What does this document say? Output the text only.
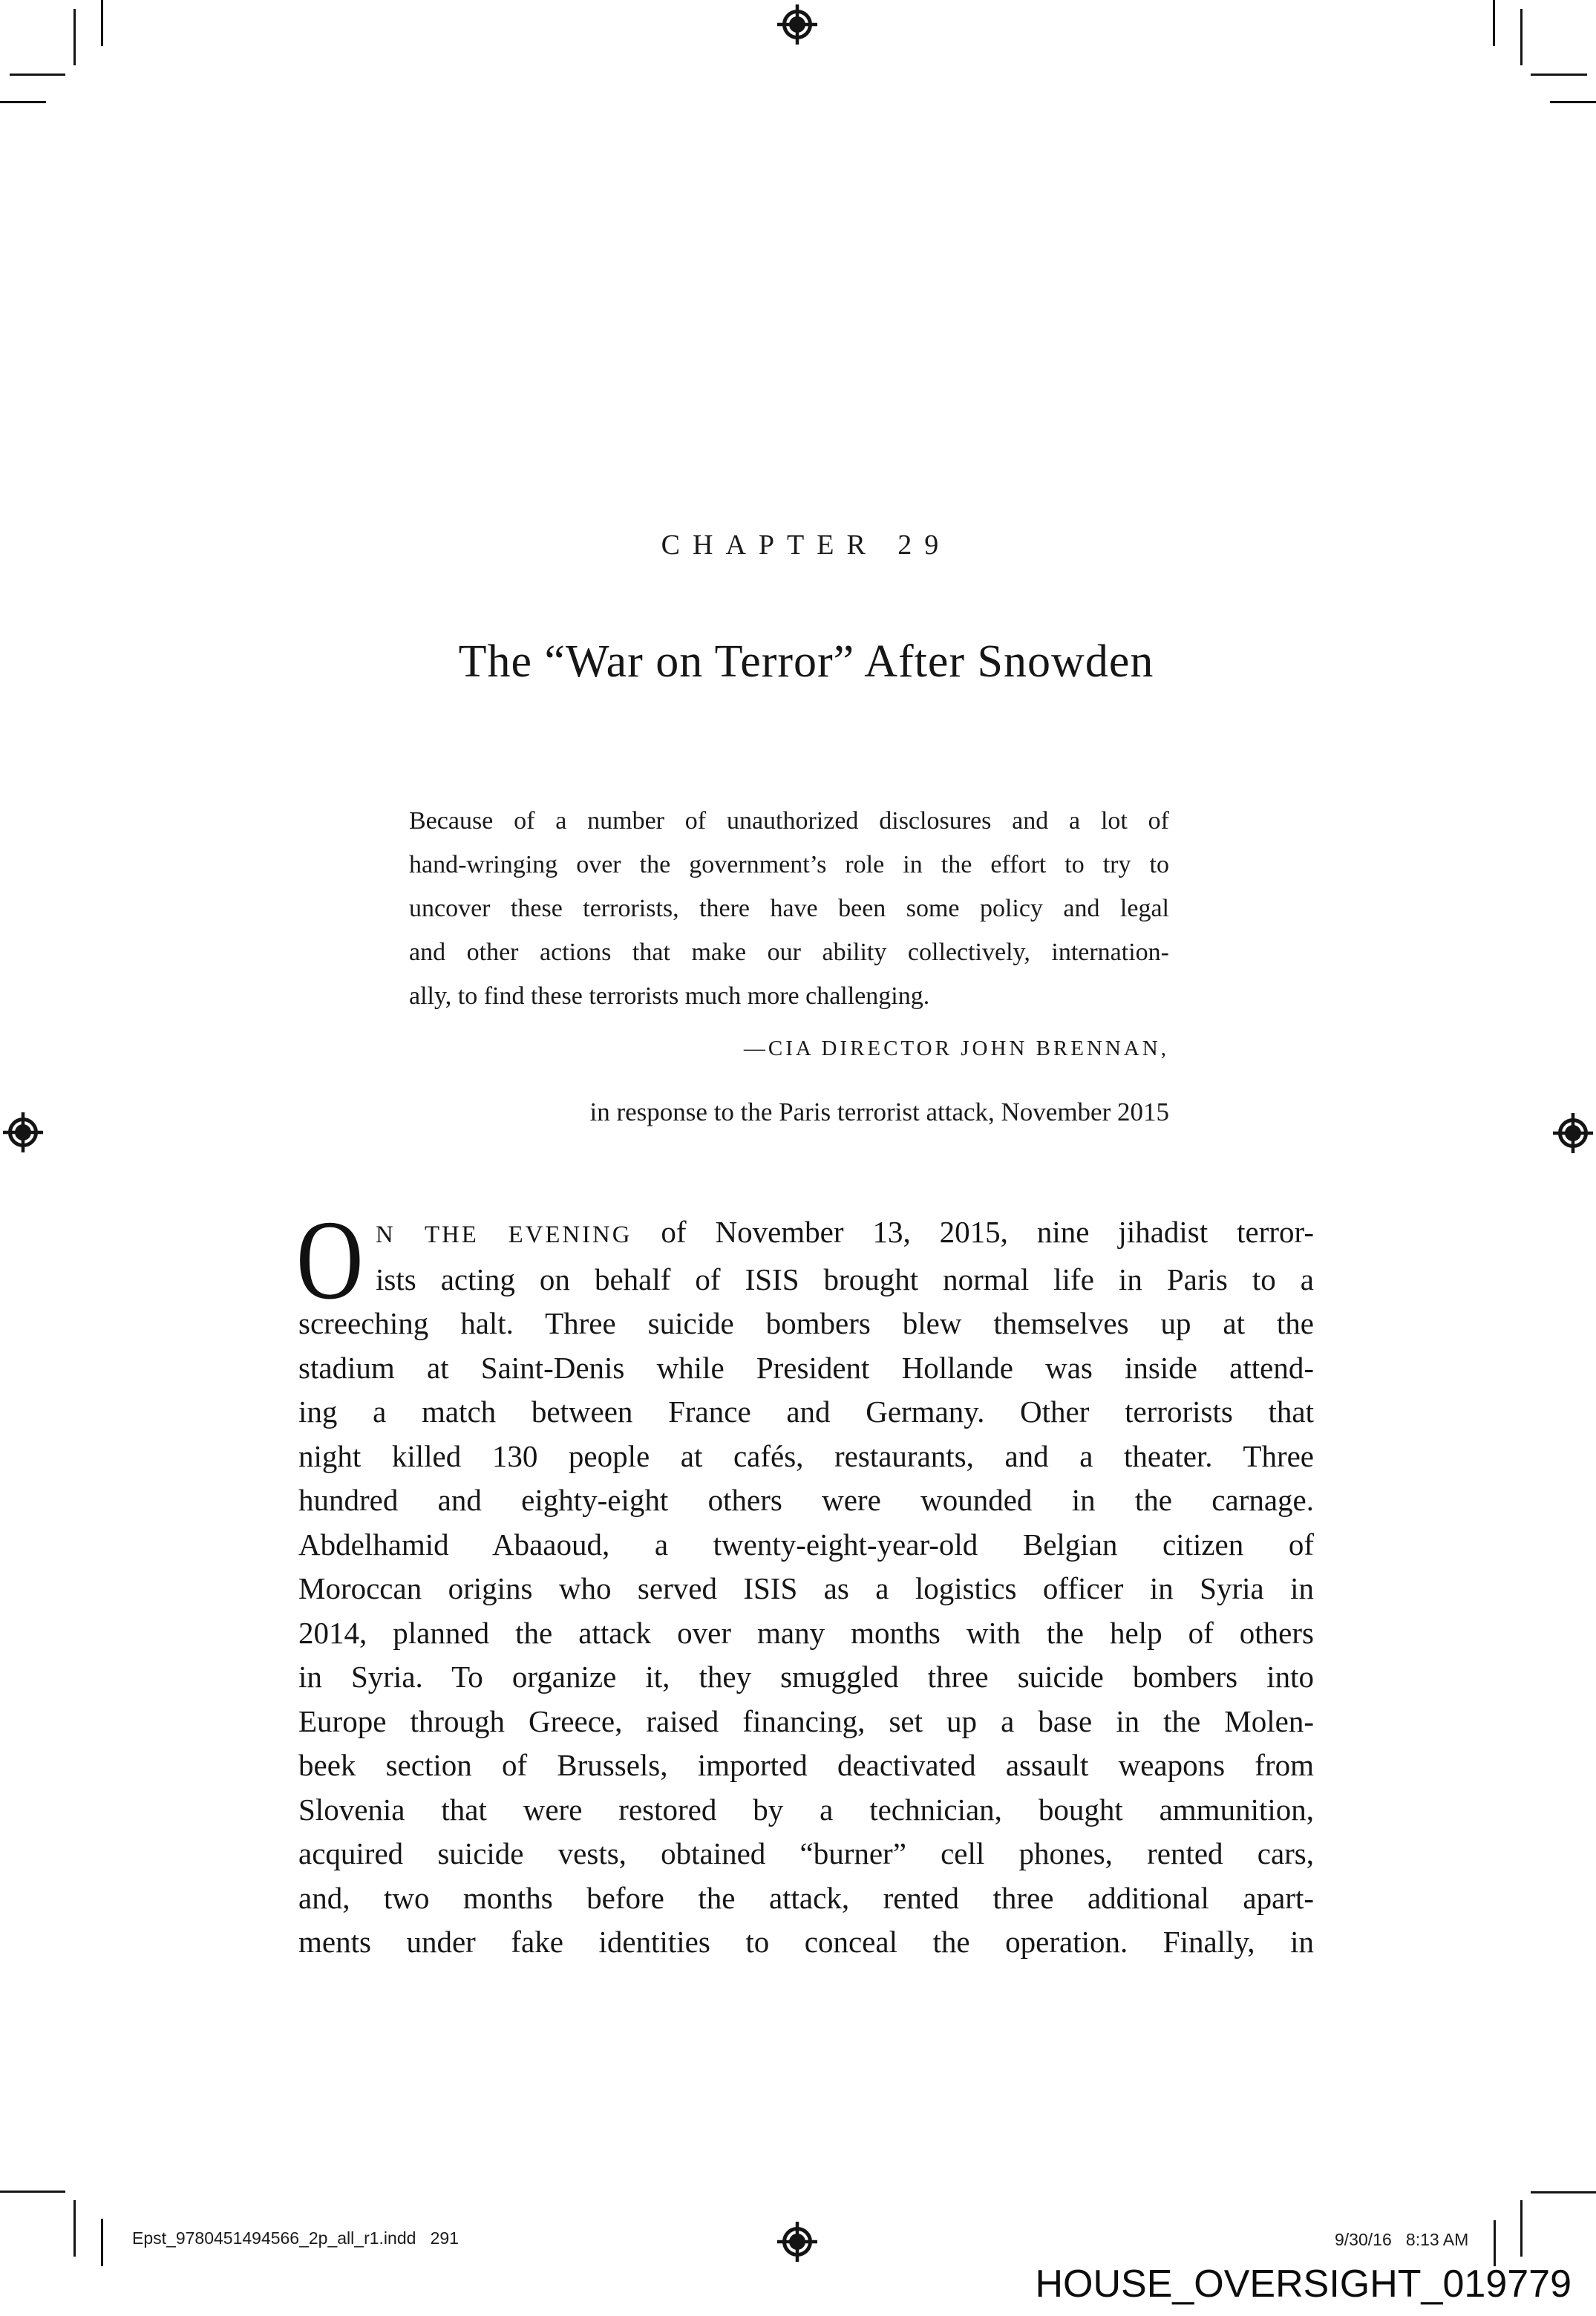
CHAPTER 29
The “War on Terror” After Snowden
Because of a number of unauthorized disclosures and a lot of
hand-wringing over the government’s role in the effort to try to
uncover these terrorists, there have been some policy and legal
and other actions that make our ability collectively, internation-
ally, to find these terrorists much more challenging.
—CIA DIRECTOR JOHN BRENNAN,
in response to the Paris terrorist attack, November 2015
O N THE EVENING of November 13, 2015, nine jihadist terror-
ists acting on behalf of ISIS brought normal life in Paris to a
screeching halt. Three suicide bombers blew themselves up at the
stadium at Saint-Denis while President Hollande was inside attend-
ing a match between France and Germany. Other terrorists that
night killed 130 people at cafés, restaurants, and a theater. Three
hundred and eighty-eight others were wounded in the carnage.
Abdelhamid Abaaoud, a twenty-eight-year-old Belgian citizen of
Moroccan origins who served ISIS as a logistics officer in Syria in
2014, planned the attack over many months with the help of others
in Syria. To organize it, they smuggled three suicide bombers into
Europe through Greece, raised financing, set up a base in the Molen-
beek section of Brussels, imported deactivated assault weapons from
Slovenia that were restored by a technician, bought ammunition,
acquired suicide vests, obtained “burner” cell phones, rented cars,
and, two months before the attack, rented three additional apart-
ments under fake identities to conceal the operation. Finally, in
Epst_9780451494566_2p_all_r1.indd   291	9/30/16   8:13 AM
HOUSE_OVERSIGHT_019779
